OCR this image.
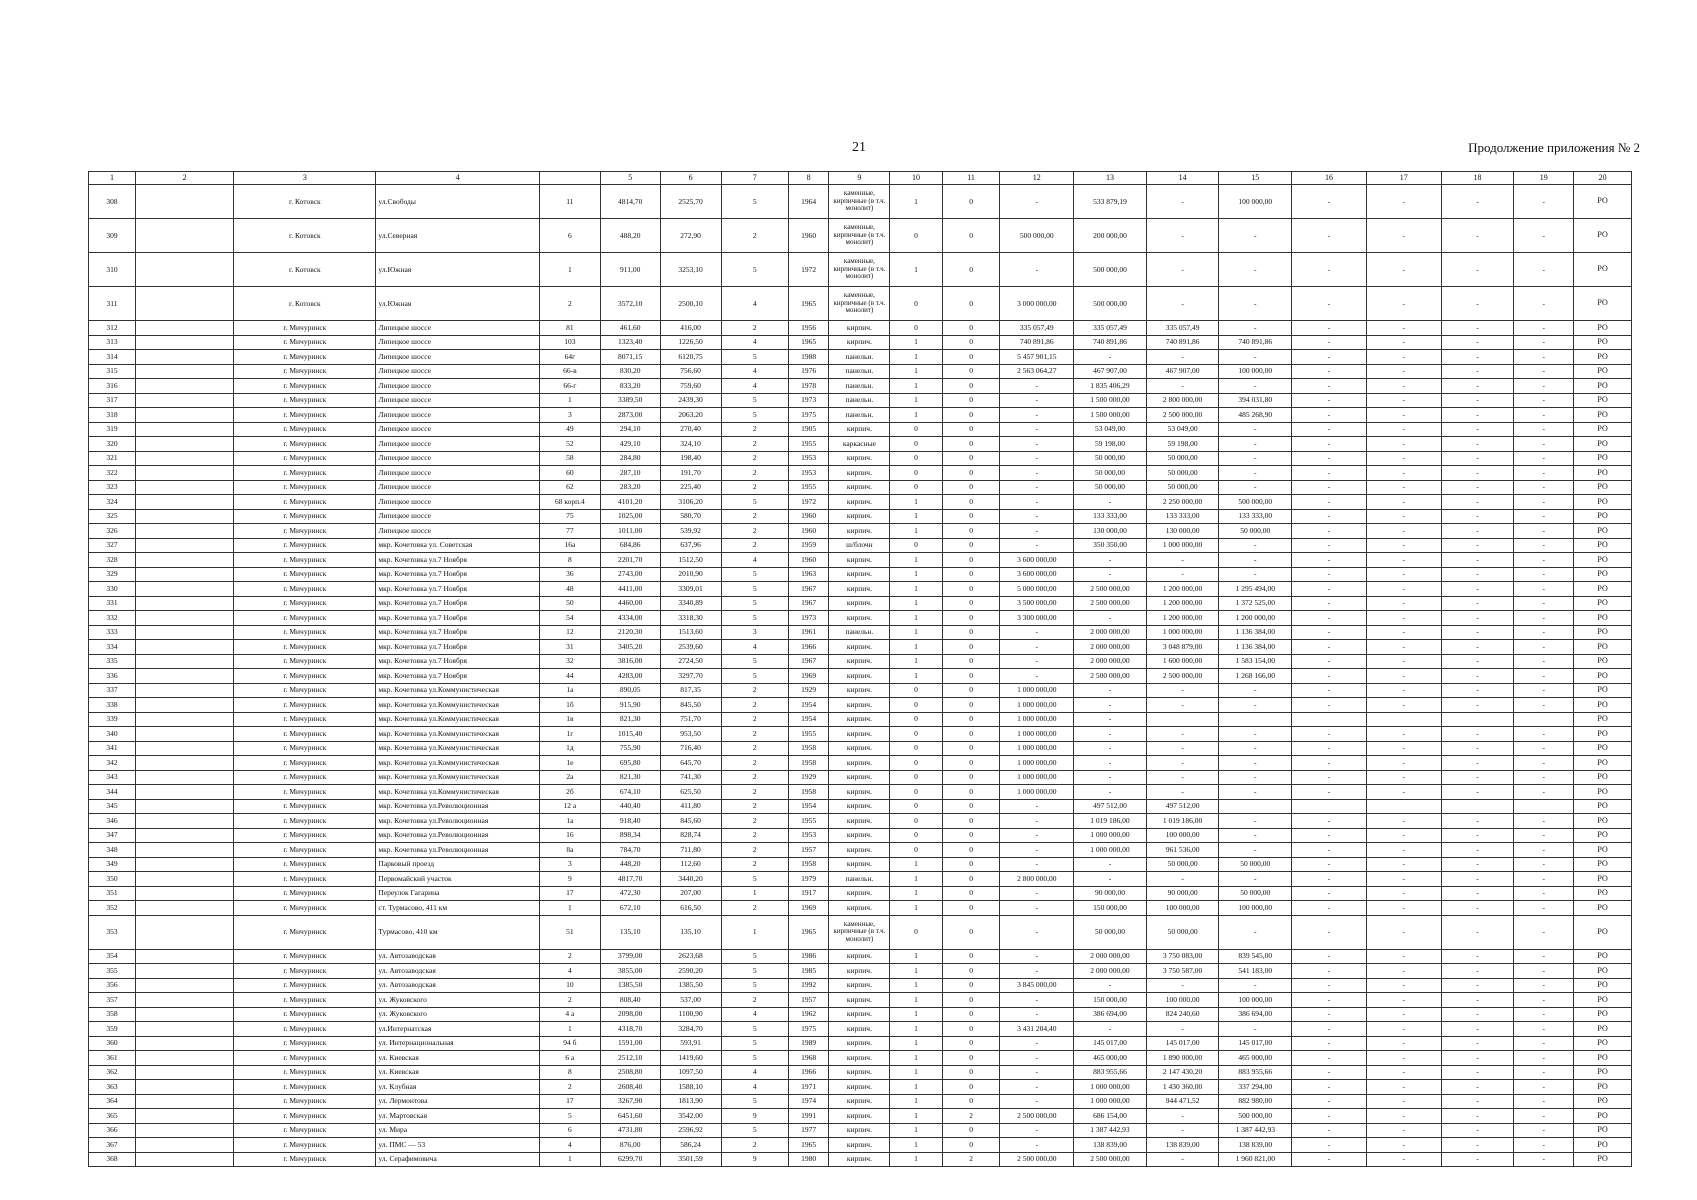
21	Продолжение приложения № 2
1	2	3	4		5	6	7	8	9	10	11	12	13	14	15	16	17	18	19	20
308		г. Котовск	ул.Свободы	11	4814,70	2525,70	5	1964	каменные, кирпичные (в т.ч. монолит)	1	0	-	533 879,19	-	100 000,00	-	-	-	-	РО
309		г. Котовск	ул.Северная	6	488,20	272,90	2	1960	каменные, кирпичные (в т.ч. монолит)	0	0	500 000,00	200 000,00	-	-	-	-	-	-	РО
310		г. Котовск	ул.Южная	1	911,00	3253,10	5	1972	каменные, кирпичные (в т.ч. монолит)	1	0	-	500 000,00	-	-	-	-	-	-	РО
311		г. Котовск	ул.Южная	2	3572,10	2500,10	4	1965	каменные, кирпичные (в т.ч. монолит)	0	0	3 000 000,00	500 000,00	-	-	-	-	-	-	РО
312		г. Мичуринск	Липецкое шоссе	81	461,60	416,00	2	1956	кирпич.	0	0	335 057,49	335 057,49	335 057,49	-	-	-	-	-	РО
313		г. Мичуринск	Липецкое шоссе	103	1323,40	1226,50	4	1965	кирпич.	1	0	740 891,86	740 891,86	740 891,86	740 891,86	-	-	-	-	РО
314		г. Мичуринск	Липецкое шоссе	64г	8071,15	6120,75	5	1988	панельн.	1	0	5 457 901,15	-	-	-	-	-	-	-	РО
315		г. Мичуринск	Липецкое шоссе	66-в	830,20	756,60	4	1976	панельн.	1	0	2 563 064,27	467 907,00	467 907,00	100 000,00	-	-	-	-	РО
316		г. Мичуринск	Липецкое шоссе	66-г	833,20	759,60	4	1978	панельн.	1	0	-	1 835 406,29	-	-	-	-	-	-	РО
317		г. Мичуринск	Липецкое шоссе	1	3389,50	2439,30	5	1973	панельн.	1	0	-	1 500 000,00	2 800 000,00	394 031,80	-	-	-	-	РО
318		г. Мичуринск	Липецкое шоссе	3	2873,00	2063,20	5	1975	панельн.	1	0	-	1 500 000,00	2 500 000,00	485 268,90	-	-	-	-	РО
319		г. Мичуринск	Липецкое шоссе	49	294,10	270,40	2	1905	кирпич.	0	0	-	53 049,00	53 049,00	-	-	-	-	-	РО
320		г. Мичуринск	Липецкое шоссе	52	429,10	324,10	2	1955	каркасные	0	0	-	59 198,00	59 198,00	-	-	-	-	-	РО
321		г. Мичуринск	Липецкое шоссе	58	284,80	198,40	2	1953	кирпич.	0	0	-	50 000,00	50 000,00	-	-	-	-	-	РО
322		г. Мичуринск	Липецкое шоссе	60	287,10	191,70	2	1953	кирпич.	0	0	-	50 000,00	50 000,00	-	-	-	-	-	РО
323		г. Мичуринск	Липецкое шоссе	62	283,20	225,40	2	1955	кирпич.	0	0	-	50 000,00	50 000,00	-	-	-	-	-	РО
324		г. Мичуринск	Липецкое шоссе	68 корп.4	4101,20	3106,20	5	1972	кирпич.	1	0	-	-	2 250 000,00	500 000,00	-	-	-	-	РО
325		г. Мичуринск	Липецкое шоссе	75	1025,00	580,70	2	1960	кирпич.	1	0	-	133 333,00	133 333,00	133 333,00	-	-	-	-	РО
326		г. Мичуринск	Липецкое шоссе	77	1011,00	539,92	2	1960	кирпич.	1	0	-	130 000,00	130 000,00	50 000,00	-	-	-	-	РО
327		г. Мичуринск	мкр. Кочетовка ул. Советская	16а	684,86	637,96	2	1959	ш/блочн	0	0	-	350 350,00	1 000 000,00	-	-	-	-	-	РО
328		г. Мичуринск	мкр. Кочетовка ул.7 Ноября	8	2201,70	1512,50	4	1960	кирпич.	1	0	3 600 000,00	-	-	-	-	-	-	-	РО
329		г. Мичуринск	мкр. Кочетовка ул.7 Ноября	36	2743,00	2010,90	5	1963	кирпич.	1	0	3 600 000,00	-	-	-	-	-	-	-	РО
330		г. Мичуринск	мкр. Кочетовка ул.7 Ноября	48	4411,00	3309,01	5	1967	кирпич.	1	0	5 000 000,00	2 500 000,00	1 200 000,00	1 295 494,00	-	-	-	-	РО
331		г. Мичуринск	мкр. Кочетовка ул.7 Ноября	50	4460,00	3340,89	5	1967	кирпич.	1	0	3 500 000,00	2 500 000,00	1 200 000,00	1 372 525,00	-	-	-	-	РО
332		г. Мичуринск	мкр. Кочетовка ул.7 Ноября	54	4334,00	3318,30	5	1973	кирпич.	1	0	3 300 000,00	-	1 200 000,00	1 200 000,00	-	-	-	-	РО
333		г. Мичуринск	мкр. Кочетовка ул.7 Ноября	12	2120,30	1513,60	3	1961	панельн.	1	0	-	2 000 000,00	1 000 000,00	1 136 384,00	-	-	-	-	РО
334		г. Мичуринск	мкр. Кочетовка ул.7 Ноября	31	3405,20	2539,60	4	1966	кирпич.	1	0	-	2 000 000,00	3 048 879,00	1 136 384,00	-	-	-	-	РО
335		г. Мичуринск	мкр. Кочетовка ул.7 Ноября	32	3816,00	2724,50	5	1967	кирпич.	1	0	-	2 000 000,00	1 600 000,00	1 583 154,00	-	-	-	-	РО
336		г. Мичуринск	мкр. Кочетовка ул.7 Ноября	44	4283,00	3297,70	5	1969	кирпич.	1	0	-	2 500 000,00	2 500 000,00	1 268 166,00	-	-	-	-	РО
337		г. Мичуринск	мкр. Кочетовка ул.Коммунистическая	1а	890,05	817,35	2	1929	кирпич.	0	0	1 000 000,00	-	-	-	-	-	-	-	РО
338		г. Мичуринск	мкр. Кочетовка ул.Коммунистическая	1б	915,90	845,50	2	1954	кирпич.	0	0	1 000 000,00	-	-	-	-	-	-	-	РО
339		г. Мичуринск	мкр. Кочетовка ул.Коммунистическая	1в	821,30	751,70	2	1954	кирпич.	0	0	1 000 000,00	-							РО
340		г. Мичуринск	мкр. Кочетовка ул.Коммунистическая	1г	1015,40	953,50	2	1955	кирпич.	0	0	1 000 000,00	-	-	-	-	-	-	-	РО
341		г. Мичуринск	мкр. Кочетовка ул.Коммунистическая	1д	755,90	716,40	2	1958	кирпич.	0	0	1 000 000,00	-	-	-	-	-	-	-	РО
342		г. Мичуринск	мкр. Кочетовка ул.Коммунистическая	1е	695,80	645,70	2	1958	кирпич.	0	0	1 000 000,00	-	-	-	-	-	-	-	РО
343		г. Мичуринск	мкр. Кочетовка ул.Коммунистическая	2а	821,30	741,30	2	1929	кирпич.	0	0	1 000 000,00	-	-	-	-	-	-	-	РО
344		г. Мичуринск	мкр. Кочетовка ул.Коммунистическая	2б	674,10	625,50	2	1958	кирпич.	0	0	1 000 000,00	-	-	-	-	-	-	-	РО
345		г. Мичуринск	мкр. Кочетовка ул.Революционная	12 а	440,40	411,80	2	1954	кирпич.	0	0	-	497 512,00	497 512,00						РО
346		г. Мичуринск	мкр. Кочетовка ул.Революционная	1а	918,40	845,60	2	1955	кирпич.	0	0	-	1 019 186,00	1 019 186,00	-	-	-	-	-	РО
347		г. Мичуринск	мкр. Кочетовка ул.Революционная	16	898,34	828,74	2	1953	кирпич.	0	0	-	1 000 000,00	100 000,00	-	-	-	-	-	РО
348		г. Мичуринск	мкр. Кочетовка ул.Революционная	8а	784,70	711,80	2	1957	кирпич.	0	0	-	1 000 000,00	961 536,00	-	-	-	-	-	РО
349		г. Мичуринск	Парковый проезд	3	448,20	112,60	2	1958	кирпич.	1	0	-	-	50 000,00	50 000,00	-	-	-	-	РО
350		г. Мичуринск	Первомайский участок	9	4817,70	3440,20	5	1979	панельн.	1	0	2 800 000,00	-	-	-	-	-	-	-	РО
351		г. Мичуринск	Переулок Гагарина	17	472,30	207,00	1	1917	кирпич.	1	0	-	90 000,00	90 000,00	50 000,00	-	-	-	-	РО
352		г. Мичуринск	ст. Турмасово, 411 км	1	672,10	616,50	2	1969	кирпич.	1	0	-	150 000,00	100 000,00	100 000,00	-	-	-	-	РО
353		г. Мичуринск	Турмасово, 410 км	51	135,10	135,10	1	1965	каменные, кирпичные (в т.ч. монолит)	0	0	-	50 000,00	50 000,00	-	-	-	-	-	РО
354		г. Мичуринск	ул. Автозаводская	2	3799,00	2623,68	5	1986	кирпич.	1	0	-	2 000 000,00	3 750 083,00	839 545,00	-	-	-	-	РО
355		г. Мичуринск	ул. Автозаводская	4	3855,00	2590,20	5	1985	кирпич.	1	0	-	2 000 000,00	3 750 587,00	541 183,00	-	-	-	-	РО
356		г. Мичуринск	ул. Автозаводская	10	1385,50	1385,50	5	1992	кирпич.	1	0	3 845 000,00	-	-	-	-	-	-	-	РО
357		г. Мичуринск	ул. Жуковского	2	808,40	537,00	2	1957	кирпич.	1	0	-	150 000,00	100 000,00	100 000,00	-	-	-	-	РО
358		г. Мичуринск	ул. Жуковского	4 а	2098,00	1100,90	4	1962	кирпич.	1	0	-	386 694,00	824 240,60	386 694,00	-	-	-	-	РО
359		г. Мичуринск	ул.Интернатская	1	4318,70	3284,70	5	1975	кирпич.	1	0	3 431 204,40	-	-	-	-	-	-	-	РО
360		г. Мичуринск	ул. Интернациональная	94 б	1591,00	593,91	5	1989	кирпич.	1	0	-	145 017,00	145 017,00	145 017,00	-	-	-	-	РО
361		г. Мичуринск	ул. Киевская	6 а	2512,10	1419,60	5	1968	кирпич.	1	0	-	465 000,00	1 890 000,00	465 000,00	-	-	-	-	РО
362		г. Мичуринск	ул. Киевская	8	2508,80	1097,50	4	1966	кирпич.	1	0	-	883 955,66	2 147 430,20	883 955,66	-	-	-	-	РО
363		г. Мичуринск	ул. Клубная	2	2608,40	1588,10	4	1971	кирпич.	1	0	-	1 000 000,00	1 430 360,00	337 294,00	-	-	-	-	РО
364		г. Мичуринск	ул. Лермонтова	17	3267,90	1813,90	5	1974	кирпич.	1	0	-	1 000 000,00	944 471,52	882 980,00	-	-	-	-	РО
365		г. Мичуринск	ул. Мартовская	5	6451,60	3542,00	9	1991	кирпич.	1	2	2 500 000,00	686 154,00	-	500 000,00	-	-	-	-	РО
366		г. Мичуринск	ул. Мира	6	4731,80	2596,92	5	1977	кирпич.	1	0	-	1 387 442,93	-	1 387 442,93	-	-	-	-	РО
367		г. Мичуринск	ул. ПМС — 53	4	876,00	586,24	2	1965	кирпич.	1	0	-	138 839,00	138 839,00	138 839,00	-	-	-	-	РО
368		г. Мичуринск	ул. Серафимовича	1	6299,70	3501,59	9	1980	кирпич.	1	2	2 500 000,00	2 500 000,00	-	1 960 821,00	-	-	-	-	РО
